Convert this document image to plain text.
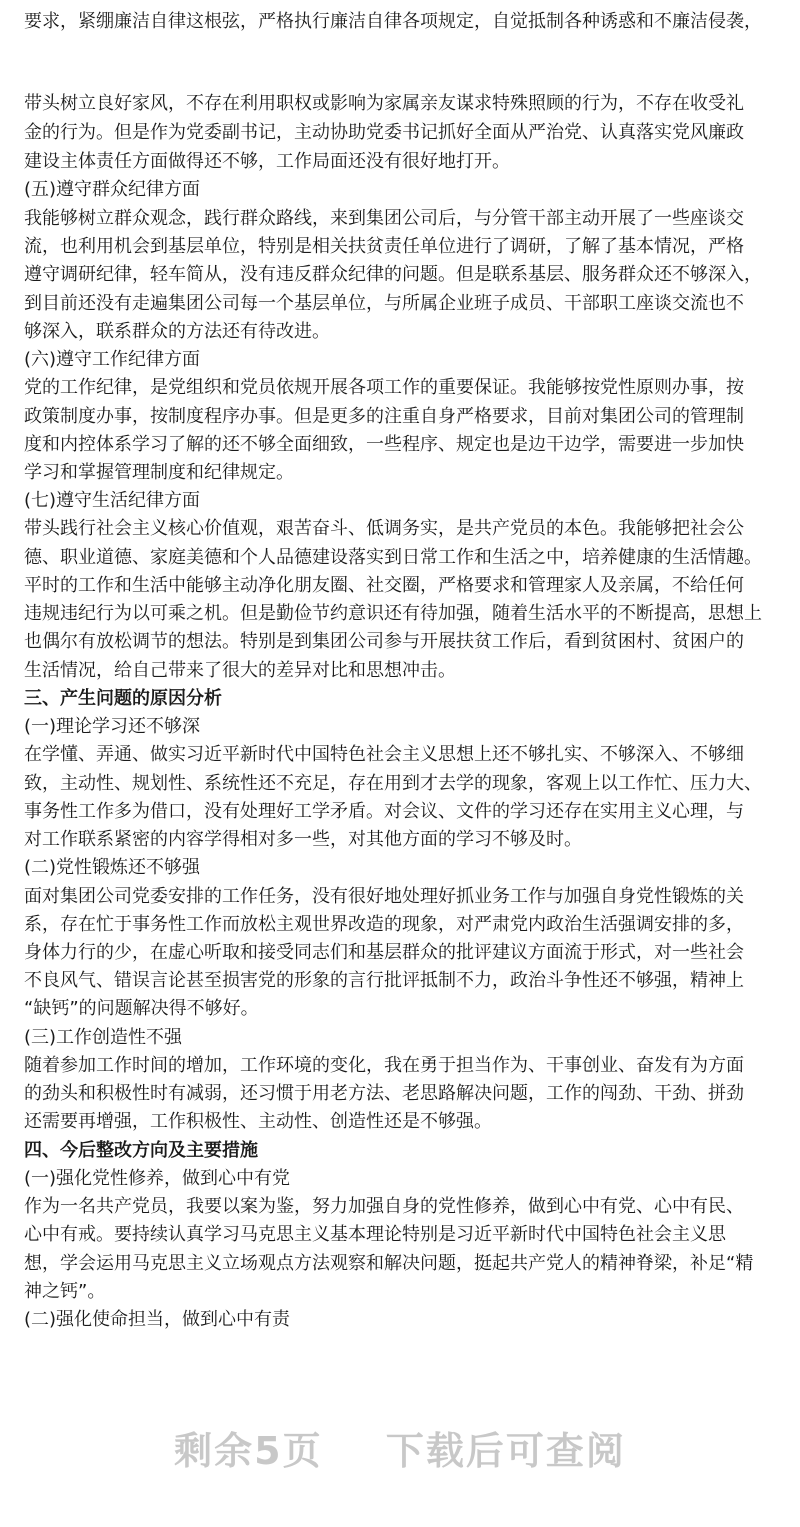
要求，紧绷廉洁自律这根弦，严格执行廉洁自律各项规定，自觉抵制各种诱惑和不廉洁侵袭，
带头树立良好家风，不存在利用职权或影响为家属亲友谋求特殊照顾的行为，不存在收受礼
金的行为。但是作为党委副书记，主动协助党委书记抓好全面从严治党、认真落实党风廉政
建设主体责任方面做得还不够，工作局面还没有很好地打开。
(五)遵守群众纪律方面
我能够树立群众观念，践行群众路线，来到集团公司后，与分管干部主动开展了一些座谈交
流，也利用机会到基层单位，特别是相关扶贫责任单位进行了调研，了解了基本情况，严格
遵守调研纪律，轻车简从，没有违反群众纪律的问题。但是联系基层、服务群众还不够深入，
到目前还没有走遍集团公司每一个基层单位，与所属企业班子成员、干部职工座谈交流也不
够深入，联系群众的方法还有待改进。
(六)遵守工作纪律方面
党的工作纪律，是党组织和党员依规开展各项工作的重要保证。我能够按党性原则办事，按
政策制度办事，按制度程序办事。但是更多的注重自身严格要求，目前对集团公司的管理制
度和内控体系学习了解的还不够全面细致，一些程序、规定也是边干边学，需要进一步加快
学习和掌握管理制度和纪律规定。
(七)遵守生活纪律方面
带头践行社会主义核心价值观，艰苦奋斗、低调务实，是共产党员的本色。我能够把社会公
德、职业道德、家庭美德和个人品德建设落实到日常工作和生活之中，培养健康的生活情趣。
平时的工作和生活中能够主动净化朋友圈、社交圈，严格要求和管理家人及亲属，不给任何
违规违纪行为以可乘之机。但是勤俭节约意识还有待加强，随着生活水平的不断提高，思想上
也偶尔有放松调节的想法。特别是到集团公司参与开展扶贫工作后，看到贫困村、贫困户的
生活情况，给自己带来了很大的差异对比和思想冲击。
三、产生问题的原因分析
(一)理论学习还不够深
在学懂、弄通、做实习近平新时代中国特色社会主义思想上还不够扎实、不够深入、不够细
致，主动性、规划性、系统性还不充足，存在用到才去学的现象，客观上以工作忙、压力大、
事务性工作多为借口，没有处理好工学矛盾。对会议、文件的学习还存在实用主义心理，与
对工作联系紧密的内容学得相对多一些，对其他方面的学习不够及时。
(二)党性锻炼还不够强
面对集团公司党委安排的工作任务，没有很好地处理好抓业务工作与加强自身党性锻炼的关
系，存在忙于事务性工作而放松主观世界改造的现象，对严肃党内政治生活强调安排的多，
身体力行的少，在虚心听取和接受同志们和基层群众的批评建议方面流于形式，对一些社会
不良风气、错误言论甚至损害党的形象的言行批评抵制不力，政治斗争性还不够强，精神上
“缺钙”的问题解决得不够好。
(三)工作创造性不强
随着参加工作时间的增加，工作环境的变化，我在勇于担当作为、干事创业、奋发有为方面
的劲头和积极性时有减弱，还习惯于用老方法、老思路解决问题，工作的闯劲、干劲、拼劲
还需要再增强，工作积极性、主动性、创造性还是不够强。
四、今后整改方向及主要措施
(一)强化党性修养，做到心中有党
作为一名共产党员，我要以案为鉴，努力加强自身的党性修养，做到心中有党、心中有民、
心中有戒。要持续认真学习马克思主义基本理论特别是习近平新时代中国特色社会主义思
想，学会运用马克思主义立场观点方法观察和解决问题，挺起共产党人的精神脊梁，补足“精
神之钙”。
(二)强化使命担当，做到心中有责
剩余5页 下载后可查阅
